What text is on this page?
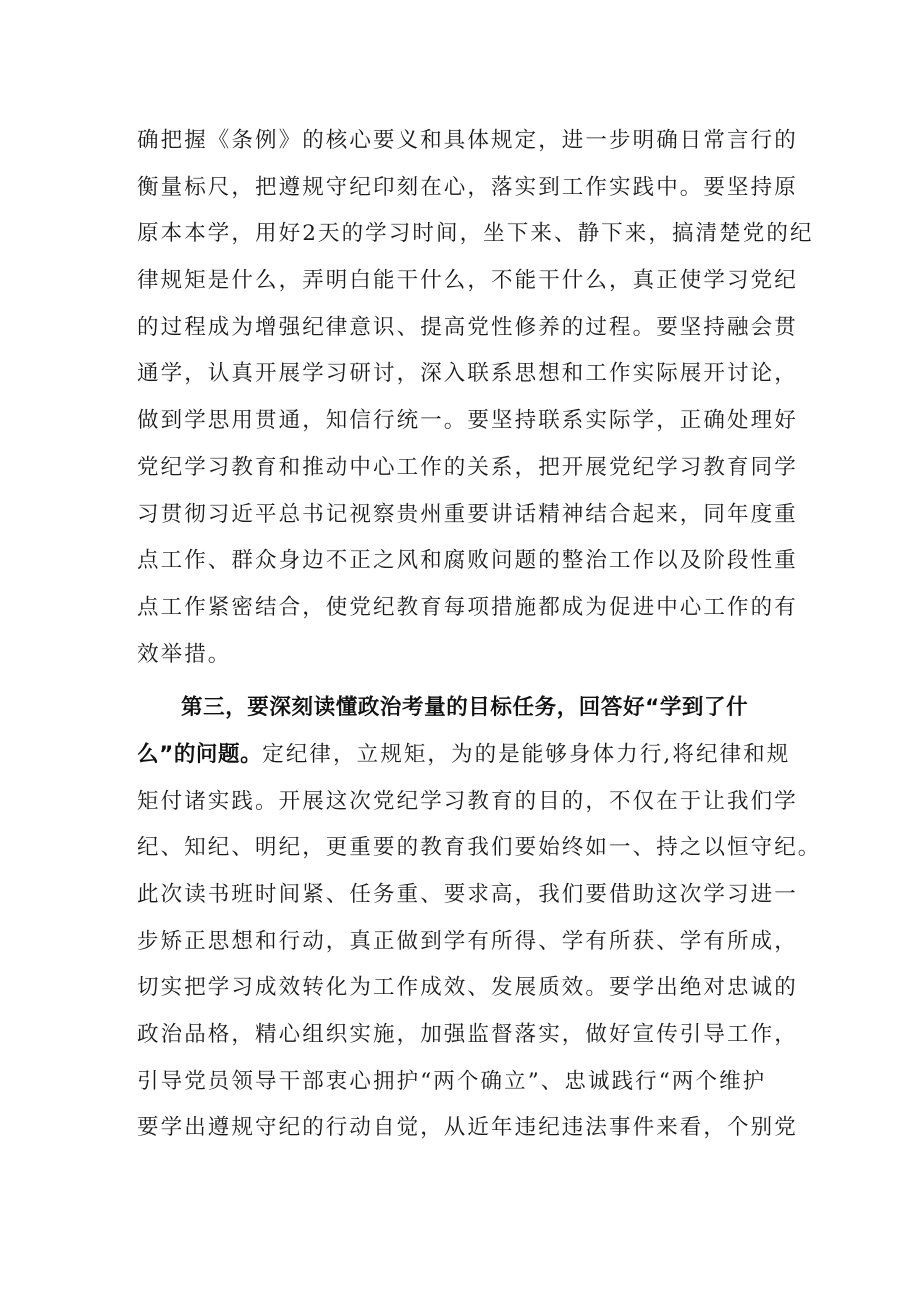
确把握《条例》的核心要义和具体规定，进一步明确日常言行的
衡量标尺，把遵规守纪印刻在心，落实到工作实践中。要坚持原
原本本学，用好2天的学习时间，坐下来、静下来，搞清楚党的纪
律规矩是什么，弄明白能干什么，不能干什么，真正使学习党纪
的过程成为增强纪律意识、提高党性修养的过程。要坚持融会贯
通学，认真开展学习研讨，深入联系思想和工作实际展开讨论，
做到学思用贯通，知信行统一。要坚持联系实际学，正确处理好
党纪学习教育和推动中心工作的关系，把开展党纪学习教育同学
习贯彻习近平总书记视察贵州重要讲话精神结合起来，同年度重
点工作、群众身边不正之风和腐败问题的整治工作以及阶段性重
点工作紧密结合，使党纪教育每项措施都成为促进中心工作的有
效举措。
第三，要深刻读懂政治考量的目标任务，回答好“学到了什
么”的问题。定纪律，立规矩，为的是能够身体力行,将纪律和规
矩付诸实践。开展这次党纪学习教育的目的，不仅在于让我们学
纪、知纪、明纪，更重要的教育我们要始终如一、持之以恒守纪。
此次读书班时间紧、任务重、要求高，我们要借助这次学习进一
步矫正思想和行动，真正做到学有所得、学有所获、学有所成，
切实把学习成效转化为工作成效、发展质效。要学出绝对忠诚的
政治品格，精心组织实施，加强监督落实，做好宣传引导工作，
引导党员领导干部衷心拥护“两个确立”、忠诚践行“两个维护
要学出遵规守纪的行动自觉，从近年违纪违法事件来看，个别党
